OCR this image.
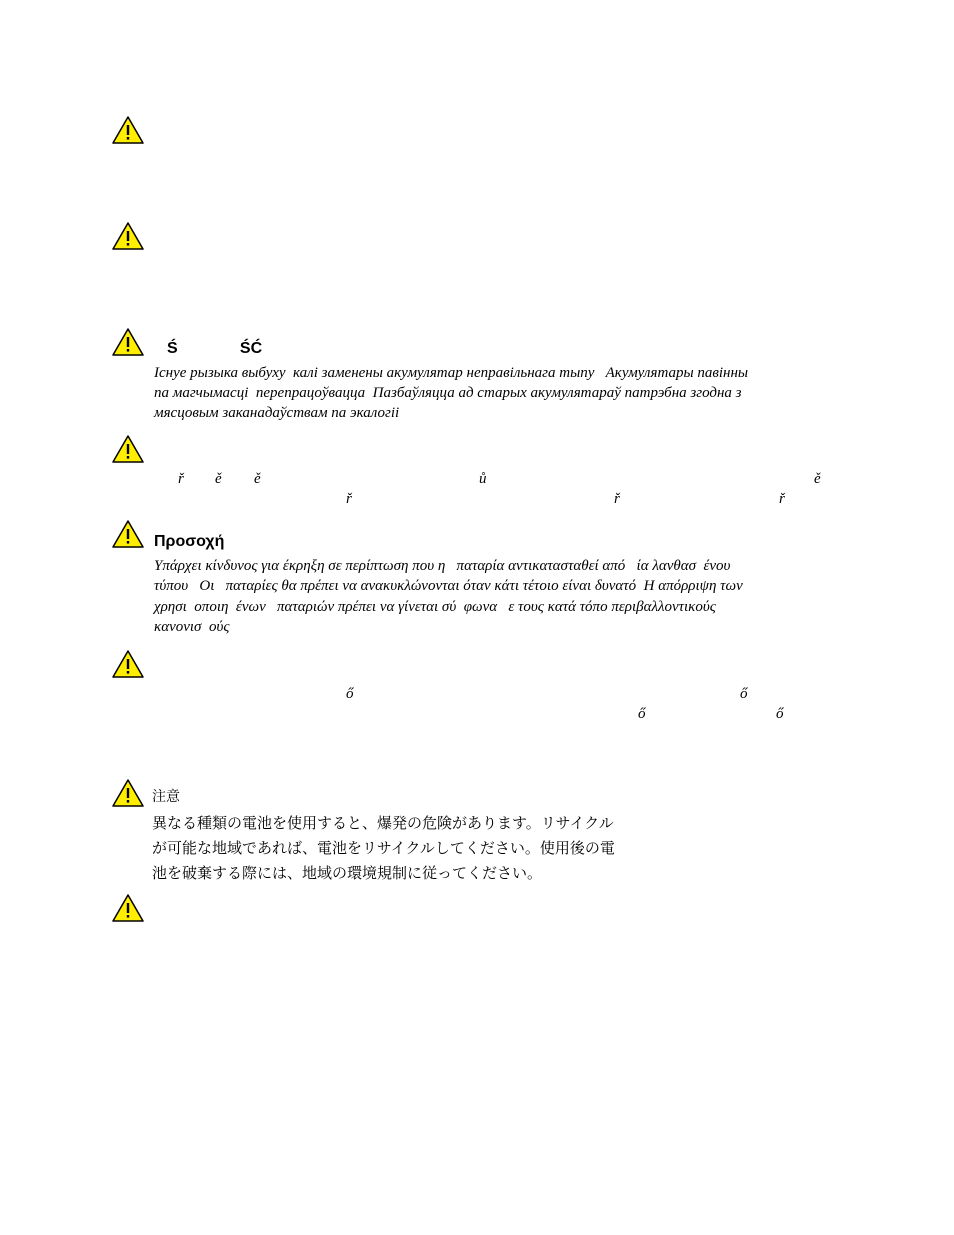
Ś              ŚĆ
Існуе рызыка выбуху  калі заменены акумулятар неправільнага тыпу   Акумулятары павінны
па магчымасці  перепрацоўвацца  Пазбаўляцца ад старых акумулятараў патрэбна згодна з
мясцовым заканадаўствам па экалогіі
ř ě ě	ů	ě
ř	ř	ř
Προσοχή
Υπάρχει κίνδυνος για έκρηξη σε περίπτωση που η   παταρία αντικατασταθεί από   ία λανθασ  ένου
τύπου   Οι   παταρίες θα πρέπει να ανακυκλώνονται όταν κάτι τέτοιο είναι δυνατό  Η απόρριψη των
χρησι  οποιη  ένων   παταριών πρέπει να γίνεται σύ  φωνα   ε τους κατά τόπο περιβαλλοντικούς
κανονισ  ούς
ő	ő
ő	ő
注意
異なる種類の電池を使用すると、爆発の危険があります。リサイクル
が可能な地域であれば、電池をリサイクルしてください。使用後の電
池を破棄する際には、地域の環境規制に従ってください。
